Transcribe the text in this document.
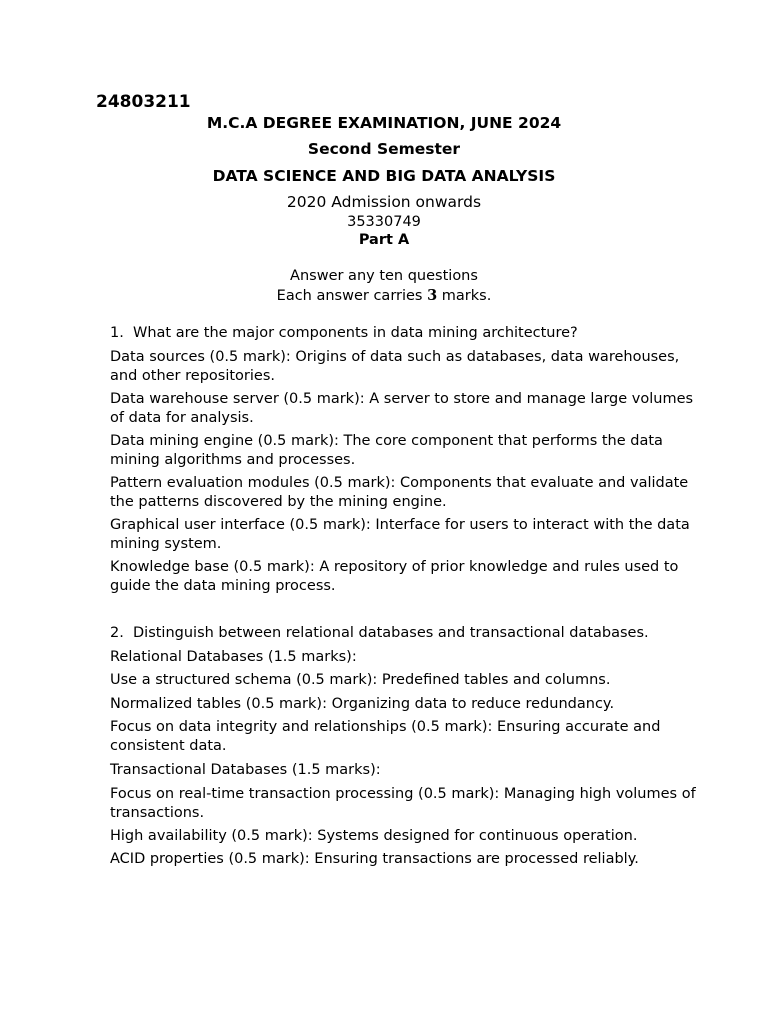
24803211
M.C.A DEGREE EXAMINATION, JUNE 2024
Second Semester
DATA SCIENCE AND BIG DATA ANALYSIS
2020 Admission onwards
35330749
Part A
Answer any ten questions
Each answer carries 3 marks.
1. What are the major components in data mining architecture?
Data sources (0.5 mark): Origins of data such as databases, data warehouses, and other repositories.
Data warehouse server (0.5 mark): A server to store and manage large volumes of data for analysis.
Data mining engine (0.5 mark): The core component that performs the data mining algorithms and processes.
Pattern evaluation modules (0.5 mark): Components that evaluate and validate the patterns discovered by the mining engine.
Graphical user interface (0.5 mark): Interface for users to interact with the data mining system.
Knowledge base (0.5 mark): A repository of prior knowledge and rules used to guide the data mining process.
2. Distinguish between relational databases and transactional databases.
Relational Databases (1.5 marks):
Use a structured schema (0.5 mark): Predefined tables and columns.
Normalized tables (0.5 mark): Organizing data to reduce redundancy.
Focus on data integrity and relationships (0.5 mark): Ensuring accurate and consistent data.
Transactional Databases (1.5 marks):
Focus on real-time transaction processing (0.5 mark): Managing high volumes of transactions.
High availability (0.5 mark): Systems designed for continuous operation.
ACID properties (0.5 mark): Ensuring transactions are processed reliably.
